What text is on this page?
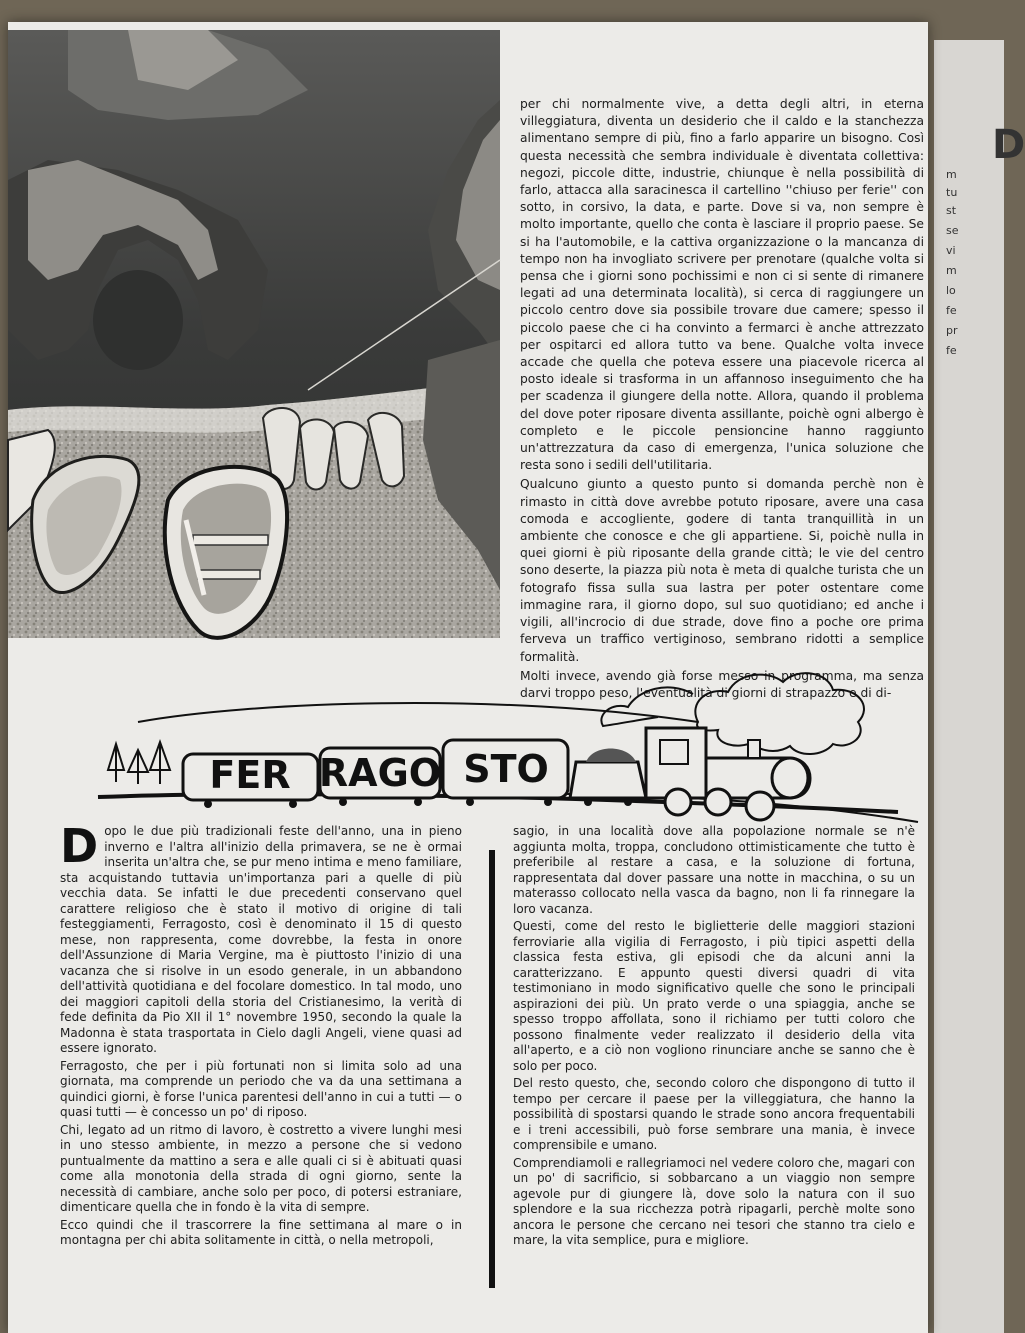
D
m
tu
st
se
vi
m
lo
fe
pr
fe

per chi normalmente vive, a detta degli altri, in eterna villeggiatura, diventa un desiderio che il caldo e la stanchezza alimentano sempre di più, fino a farlo apparire un bisogno. Così questa necessità che sembra individuale è diventata collettiva: negozi, piccole ditte, industrie, chiunque è nella possibilità di farlo, attacca alla saracinesca il cartellino ''chiuso per ferie'' con sotto, in corsivo, la data, e parte. Dove si va, non sempre è molto importante, quello che conta è lasciare il proprio paese. Se si ha l'automobile, e la cattiva organizzazione o la mancanza di tempo non ha invogliato scrivere per prenotare (qualche volta si pensa che i giorni sono pochissimi e non ci si sente di rimanere legati ad una determinata località), si cerca di raggiungere un piccolo centro dove sia possibile trovare due camere; spesso il piccolo paese che ci ha convinto a fermarci è anche attrezzato per ospitarci ed allora tutto va bene. Qualche volta invece accade che quella che poteva essere una piacevole ricerca al posto ideale si trasforma in un affannoso inseguimento che ha per scadenza il giungere della notte. Allora, quando il problema del dove poter riposare diventa assillante, poichè ogni albergo è completo e le piccole pensioncine hanno raggiunto un'attrezzatura da caso di emergenza, l'unica soluzione che resta sono i sedili dell'utilitaria.

Qualcuno giunto a questo punto si domanda perchè non è rimasto in città dove avrebbe potuto riposare, avere una casa comoda e accogliente, godere di tanta tranquillità in un ambiente che conosce e che gli appartiene. Si, poichè nulla in quei giorni è più riposante della grande città; le vie del centro sono deserte, la piazza più nota è meta di qualche turista che un fotografo fissa sulla sua lastra per poter ostentare come immagine rara, il giorno dopo, sul suo quotidiano; ed anche i vigili, all'incrocio di due strade, dove fino a poche ore prima ferveva un traffico vertiginoso, sembrano ridotti a semplice formalità.

Molti invece, avendo già forse messo in programma, ma senza darvi troppo peso, l'eventualità di giorni di strapazzo e di di-

FER RAGO STO

Dopo le due più tradizionali feste dell'anno, una in pieno inverno e l'altra all'inizio della primavera, se ne è ormai inserita un'altra che, se pur meno intima e meno familiare, sta acquistando tuttavia un'importanza pari a quelle di più vecchia data. Se infatti le due precedenti conservano quel carattere religioso che è stato il motivo di origine di tali festeggiamenti, Ferragosto, così è denominato il 15 di questo mese, non rappresenta, come dovrebbe, la festa in onore dell'Assunzione di Maria Vergine, ma è piuttosto l'inizio di una vacanza che si risolve in un esodo generale, in un abbandono dell'attività quotidiana e del focolare domestico. In tal modo, uno dei maggiori capitoli della storia del Cristianesimo, la verità di fede definita da Pio XII il 1° novembre 1950, secondo la quale la Madonna è stata trasportata in Cielo dagli Angeli, viene quasi ad essere ignorato.

Ferragosto, che per i più fortunati non si limita solo ad una giornata, ma comprende un periodo che va da una settimana a quindici giorni, è forse l'unica parentesi dell'anno in cui a tutti — o quasi tutti — è concesso un po' di riposo.

Chi, legato ad un ritmo di lavoro, è costretto a vivere lunghi mesi in uno stesso ambiente, in mezzo a persone che si vedono puntualmente da mattino a sera e alle quali ci si è abituati quasi come alla monotonia della strada di ogni giorno, sente la necessità di cambiare, anche solo per poco, di potersi estraniare, dimenticare quella che in fondo è la vita di sempre.

Ecco quindi che il trascorrere la fine settimana al mare o in montagna per chi abita solitamente in città, o nella metropoli,

sagio, in una località dove alla popolazione normale se n'è aggiunta molta, troppa, concludono ottimisticamente che tutto è preferibile al restare a casa, e la soluzione di fortuna, rappresentata dal dover passare una notte in macchina, o su un materasso collocato nella vasca da bagno, non li fa rinnegare la loro vacanza.

Questi, come del resto le biglietterie delle maggiori stazioni ferroviarie alla vigilia di Ferragosto, i più tipici aspetti della classica festa estiva, gli episodi che da alcuni anni la caratterizzano. E appunto questi diversi quadri di vita testimoniano in modo significativo quelle che sono le principali aspirazioni dei più. Un prato verde o una spiaggia, anche se spesso troppo affollata, sono il richiamo per tutti coloro che possono finalmente veder realizzato il desiderio della vita all'aperto, e a ciò non vogliono rinunciare anche se sanno che è solo per poco.

Del resto questo, che, secondo coloro che dispongono di tutto il tempo per cercare il paese per la villeggiatura, che hanno la possibilità di spostarsi quando le strade sono ancora frequentabili e i treni accessibili, può forse sembrare una mania, è invece comprensibile e umano.

Comprendiamoli e rallegriamoci nel vedere coloro che, magari con un po' di sacrificio, si sobbarcano a un viaggio non sempre agevole pur di giungere là, dove solo la natura con il suo splendore e la sua ricchezza potrà ripagarli, perchè molte sono ancora le persone che cercano nei tesori che stanno tra cielo e mare, la vita semplice, pura e migliore.
